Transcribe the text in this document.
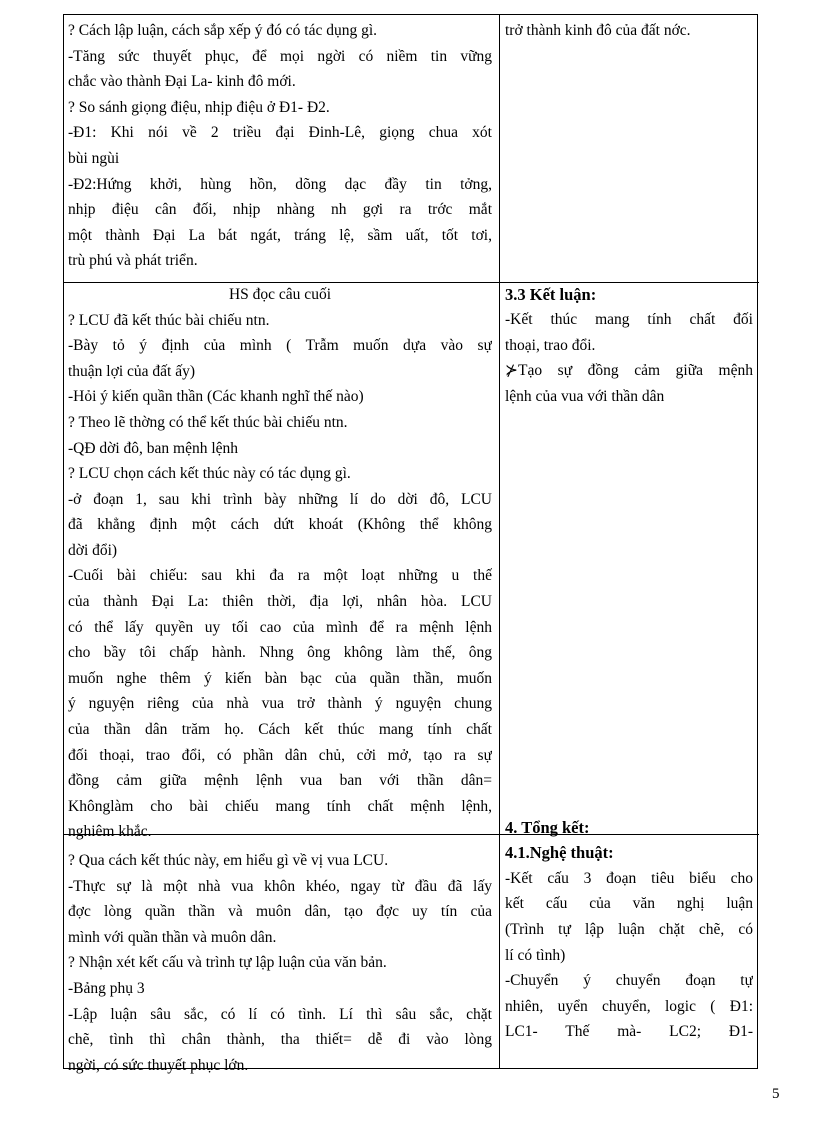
? Cách lập luận, cách sắp xếp ý đó có tác dụng gì.
-Tăng sức thuyết phục, để mọi ngời có niềm tin vững
chắc vào thành Đại La- kinh đô mới.
? So sánh giọng điệu, nhịp điệu ở Đ1- Đ2.
-Đ1: Khi nói về 2 triều đại Đinh-Lê, giọng chua xót
bùi ngùi
-Đ2:Hứng khởi, hùng hồn, dõng dạc đầy tin tởng,
nhịp điệu cân đối, nhịp nhàng nh gợi ra trớc mắt
một thành Đại La bát ngát, tráng lệ, sầm uất, tốt tơi,
trù phú và phát triển.
HS đọc câu cuối
? LCU đã kết thúc bài chiếu ntn.
-Bày tỏ ý định của mình ( Trẫm muốn dựa vào sự
thuận lợi của đất ấy)
-Hỏi ý kiến quần thần (Các khanh nghĩ thế nào)
? Theo lẽ thờng có thể kết thúc bài chiếu ntn.
-QĐ dời đô, ban mệnh lệnh
? LCU chọn cách kết thúc này có tác dụng gì.
-ở đoạn 1, sau khi trình bày những lí do dời đô, LCU
đã khẳng định một cách dứt khoát (Không thể không
dời đổi)
-Cuối bài chiếu: sau khi đa ra một loạt những u thế
của thành Đại La: thiên thời, địa lợi, nhân hòa. LCU
có thể lấy quyền uy tối cao của mình để ra mệnh lệnh
cho bầy tôi chấp hành. Nhng ông không làm thế, ông
muốn nghe thêm ý kiến bàn bạc của quần thần, muốn
ý nguyện riêng của nhà vua trở thành ý nguyện chung
của thần dân trăm họ. Cách kết thúc mang tính chất
đối thoại, trao đổi, có phần dân chủ, cởi mở, tạo ra sự
đồng cảm giữa mệnh lệnh vua ban với thần dân=
Khônglàm cho bài chiếu mang tính chất mệnh lệnh,
nghiêm khắc.
? Qua cách kết thúc này, em hiểu gì về vị vua LCU.
-Thực sự là một nhà vua khôn khéo, ngay từ đầu đã lấy
đợc lòng quần thần và muôn dân, tạo đợc uy tín của
mình với quần thần và muôn dân.
? Nhận xét kết cấu và trình tự lập luận của văn bản.
-Bảng phụ 3
-Lập luận sâu sắc, có lí có tình. Lí thì sâu sắc, chặt
chẽ, tình thì chân thành, tha thiết= dễ đi vào lòng
ngời, có sức thuyết phục lớn.
trở thành kinh đô của đất nớc.
3.3 Kết luận:
-Kết thúc mang tính chất đối
thoại, trao đổi.
⊁Tạo sự đồng cảm giữa mệnh
lệnh của vua với thần dân
4. Tổng kết:
4.1.Nghệ thuật:
-Kết cấu 3 đoạn tiêu biểu cho
kết cấu của văn nghị luận
(Trình tự lập luận chặt chẽ, có
lí có tình)
-Chuyển ý chuyển đoạn tự
nhiên, uyển chuyển, logic ( Đ1:
LC1- Thế mà- LC2; Đ1-
5
